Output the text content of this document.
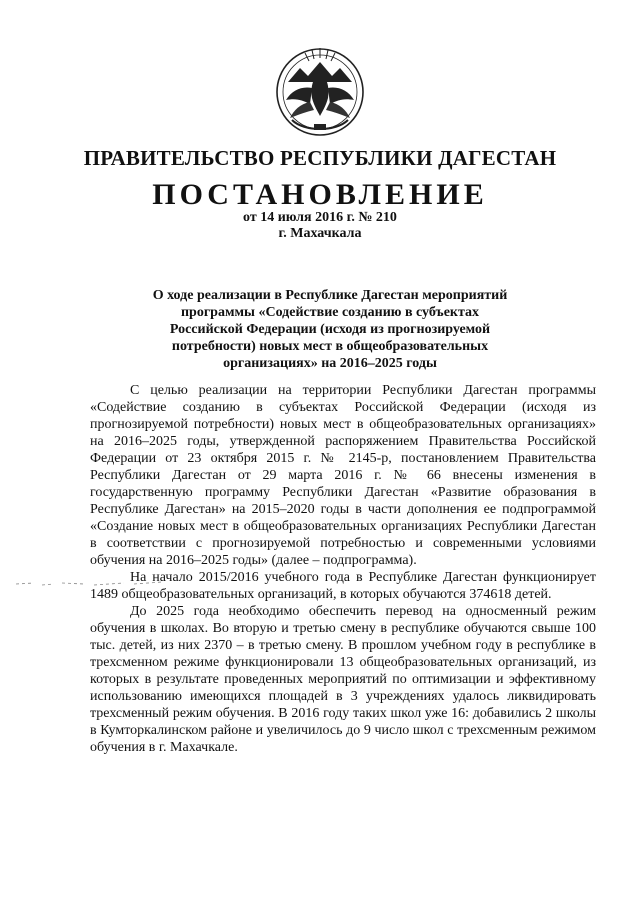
ПРАВИТЕЛЬСТВО РЕСПУБЛИКИ ДАГЕСТАН
ПОСТАНОВЛЕНИЕ
от 14 июля 2016 г. № 210
г. Махачкала
О ходе реализации в Республике Дагестан мероприятий
программы «Содействие созданию в субъектах
Российской Федерации (исходя из прогнозируемой
потребности) новых мест в общеобразовательных
организациях» на 2016–2025 годы

С целью реализации на территории Республики Дагестан программы «Содействие созданию в субъектах Российской Федерации (исходя из прогнозируемой потребности) новых мест в общеобразовательных организациях» на 2016–2025 годы, утвержденной распоряжением Правительства Российской Федерации от 23 октября 2015 г. № 2145-р, постановлением Правительства Республики Дагестан от 29 марта 2016 г. № 66 внесены изменения в государственную программу Республики Дагестан «Развитие образования в Республике Дагестан» на 2015–2020 годы в части дополнения ее подпрограммой «Создание новых мест в общеобразовательных организациях Республики Дагестан в соответствии с прогнозируемой потребностью и современными условиями обучения на 2016–2025 годы» (далее – подпрограмма).

На начало 2015/2016 учебного года в Республике Дагестан функционирует 1489 общеобразовательных организаций, в которых обучаются 374618 детей.

До 2025 года необходимо обеспечить перевод на односменный режим обучения в школах. Во вторую и третью смену в республике обучаются свыше 100 тыс. детей, из них 2370 – в третью смену. В прошлом учебном году в республике в трехсменном режиме функционировали 13 общеобразовательных организаций, из которых в результате проведенных мероприятий по оптимизации и эффективному использованию имеющихся площадей в 3 учреждениях удалось ликвидировать трехсменный режим обучения. В 2016 году таких школ уже 16: добавились 2 школы в Кумторкалинском районе и увеличилось до 9 число школ с трехсменным режимом обучения в г. Махачкале.
